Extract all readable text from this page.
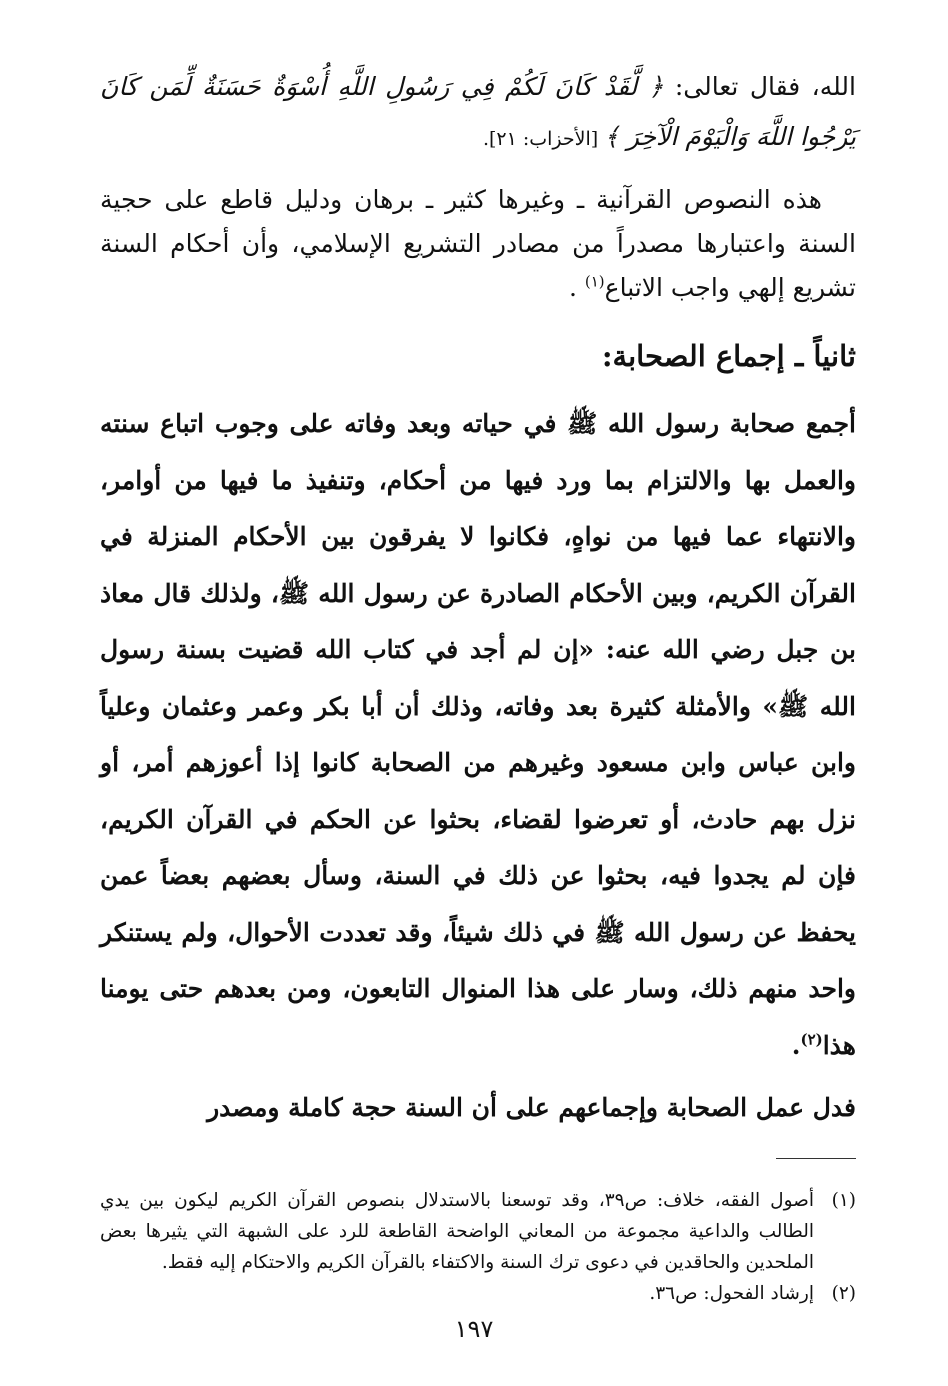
الله، فقال تعالى: ﴿ لَّقَدْ كَانَ لَكُمْ فِي رَسُولِ اللَّهِ أُسْوَةٌ حَسَنَةٌ لِّمَن كَانَ يَرْجُوا اللَّهَ وَالْيَوْمَ الْآخِرَ ﴾ [الأحزاب: ٢١].

هذه النصوص القرآنية ـ وغيرها كثير ـ برهان ودليل قاطع على حجية السنة واعتبارها مصدراً من مصادر التشريع الإسلامي، وأن أحكام السنة تشريع إلهي واجب الاتباع$^{(١)}$ .

ثانياً ـ إجماع الصحابة:

أجمع صحابة رسول الله ﷺ في حياته وبعد وفاته على وجوب اتباع سنته والعمل بها والالتزام بما ورد فيها من أحكام، وتنفيذ ما فيها من أوامر، والانتهاء عما فيها من نواهٍ، فكانوا لا يفرقون بين الأحكام المنزلة في القرآن الكريم، وبين الأحكام الصادرة عن رسول الله ﷺ، ولذلك قال معاذ بن جبل رضي الله عنه: «إن لم أجد في كتاب الله قضيت بسنة رسول الله ﷺ» والأمثلة كثيرة بعد وفاته، وذلك أن أبا بكر وعمر وعثمان وعلياً وابن عباس وابن مسعود وغيرهم من الصحابة كانوا إذا أعوزهم أمر، أو نزل بهم حادث، أو تعرضوا لقضاء، بحثوا عن الحكم في القرآن الكريم، فإن لم يجدوا فيه، بحثوا عن ذلك في السنة، وسأل بعضهم بعضاً عمن يحفظ عن رسول الله ﷺ في ذلك شيئاً، وقد تعددت الأحوال، ولم يستنكر واحد منهم ذلك، وسار على هذا المنوال التابعون، ومن بعدهم حتى يومنا هذا$^{(٢)}$.

فدل عمل الصحابة وإجماعهم على أن السنة حجة كاملة ومصدر

(١)
أصول الفقه، خلاف: ص٣٩، وقد توسعنا بالاستدلال بنصوص القرآن الكريم ليكون بين يدي الطالب والداعية مجموعة من المعاني الواضحة القاطعة للرد على الشبهة التي يثيرها بعض الملحدين والحاقدين في دعوى ترك السنة والاكتفاء بالقرآن الكريم والاحتكام إليه فقط.
(٢)
إرشاد الفحول: ص٣٦.
١٩٧
